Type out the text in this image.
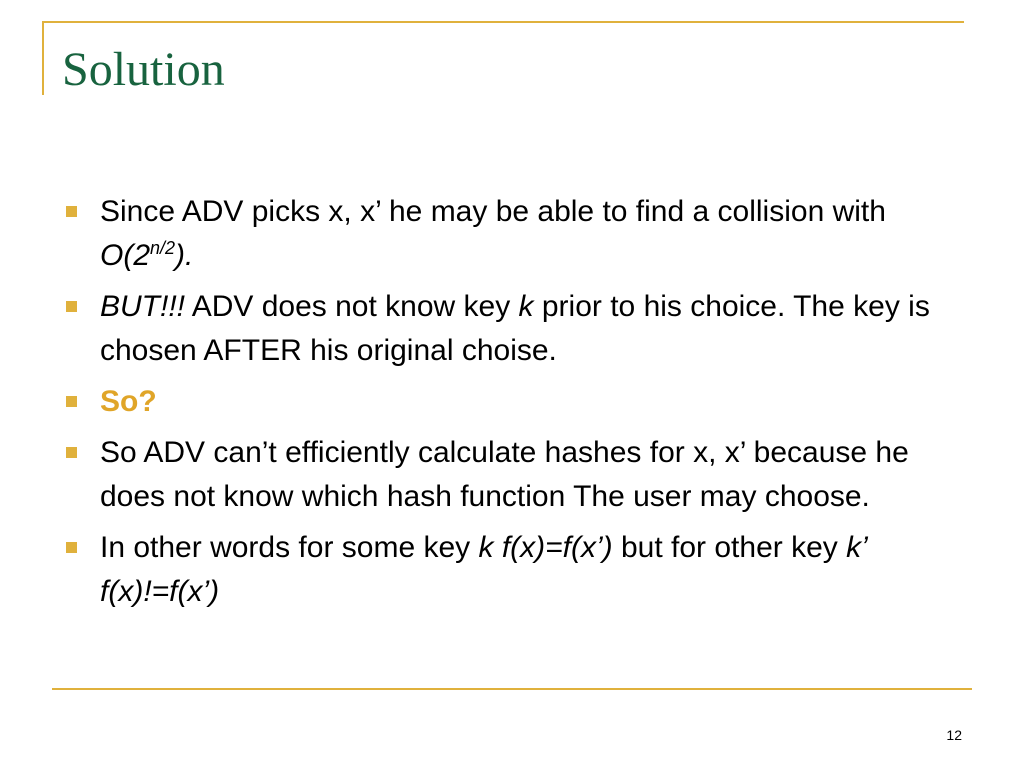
Solution
Since ADV picks x, x’ he may be able to find a collision with $O(2^{n/2})$.
BUT!!! ADV does not know key k prior to his choice. The key is chosen AFTER his original choise.
So?
So ADV can’t efficiently calculate hashes for x, x’ because he does not know which hash function The user may choose.
In other words for some key k f(x)=f(x’) but for other key k’ f(x)!=f(x’)
12
